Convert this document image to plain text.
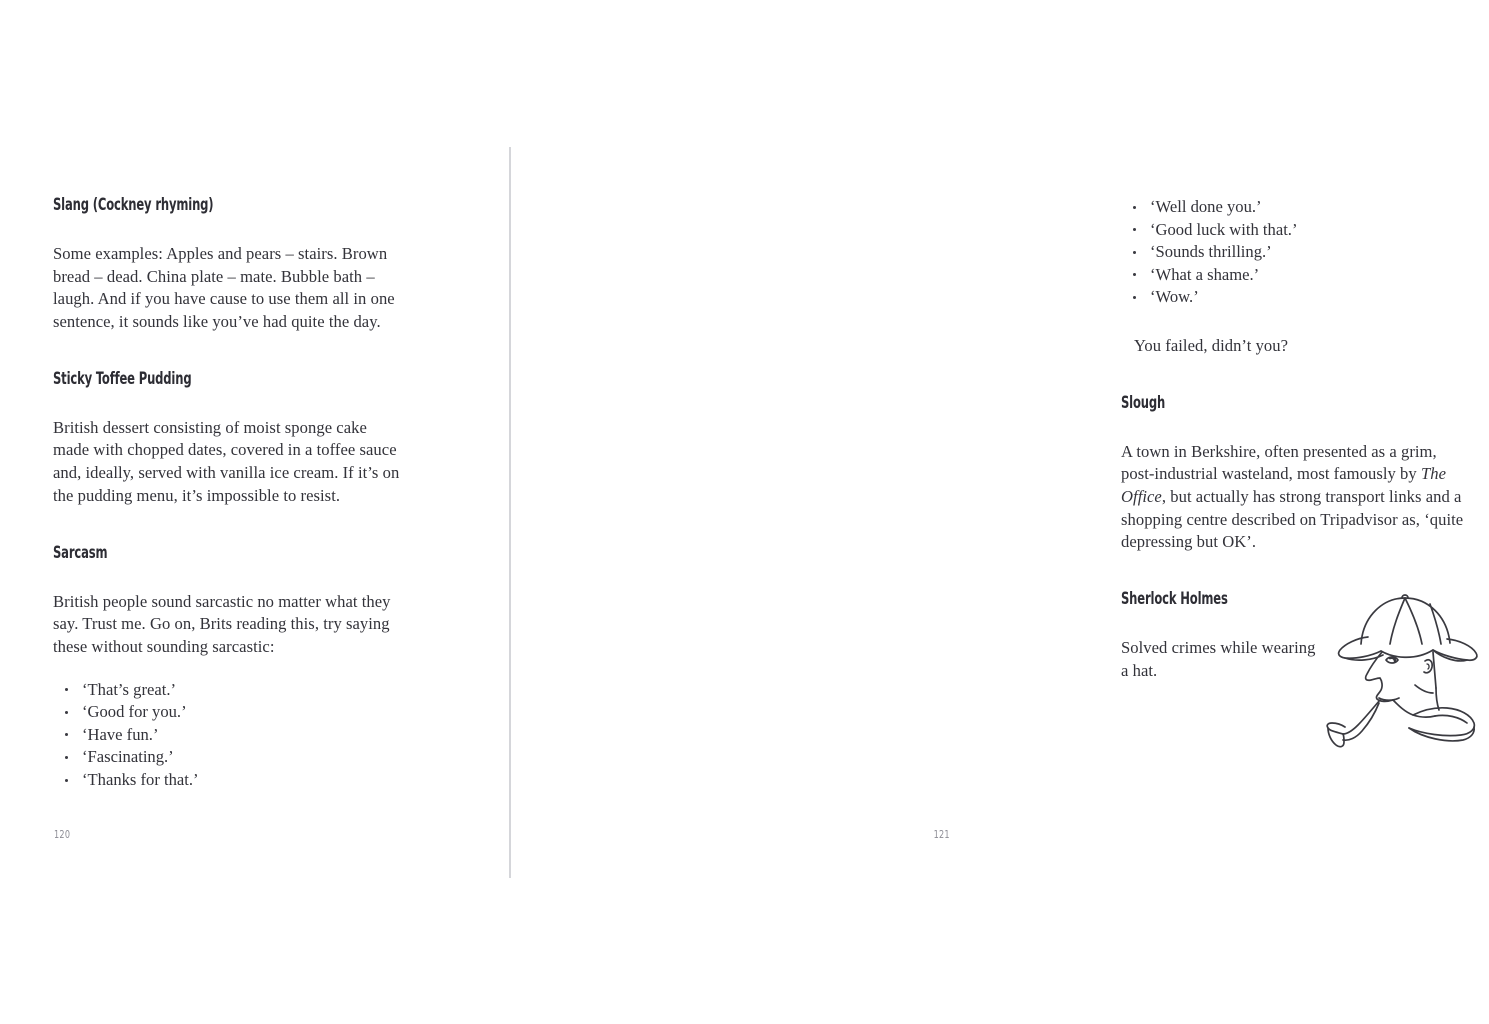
Slang (Cockney rhyming)

Some examples: Apples and pears – stairs. Brown bread – dead. China plate – mate. Bubble bath – laugh. And if you have cause to use them all in one sentence, it sounds like you’ve had quite the day.

Sticky Toffee Pudding

British dessert consisting of moist sponge cake made with chopped dates, covered in a toffee sauce and, ideally, served with vanilla ice cream. If it’s on the pudding menu, it’s impossible to resist.

Sarcasm

British people sound sarcastic no matter what they say. Trust me. Go on, Brits reading this, try saying these without sounding sarcastic:

‘That’s great.’
‘Good for you.’
‘Have fun.’
‘Fascinating.’
‘Thanks for that.’
120
‘Well done you.’
‘Good luck with that.’
‘Sounds thrilling.’
‘What a shame.’
‘Wow.’

You failed, didn’t you?

Slough

A town in Berkshire, often presented as a grim, post-industrial wasteland, most famously by The Office, but actually has strong transport links and a shopping centre described on Tripadvisor as, ‘quite depressing but OK’.

Sherlock Holmes

Solved crimes while wearing a hat.

121
